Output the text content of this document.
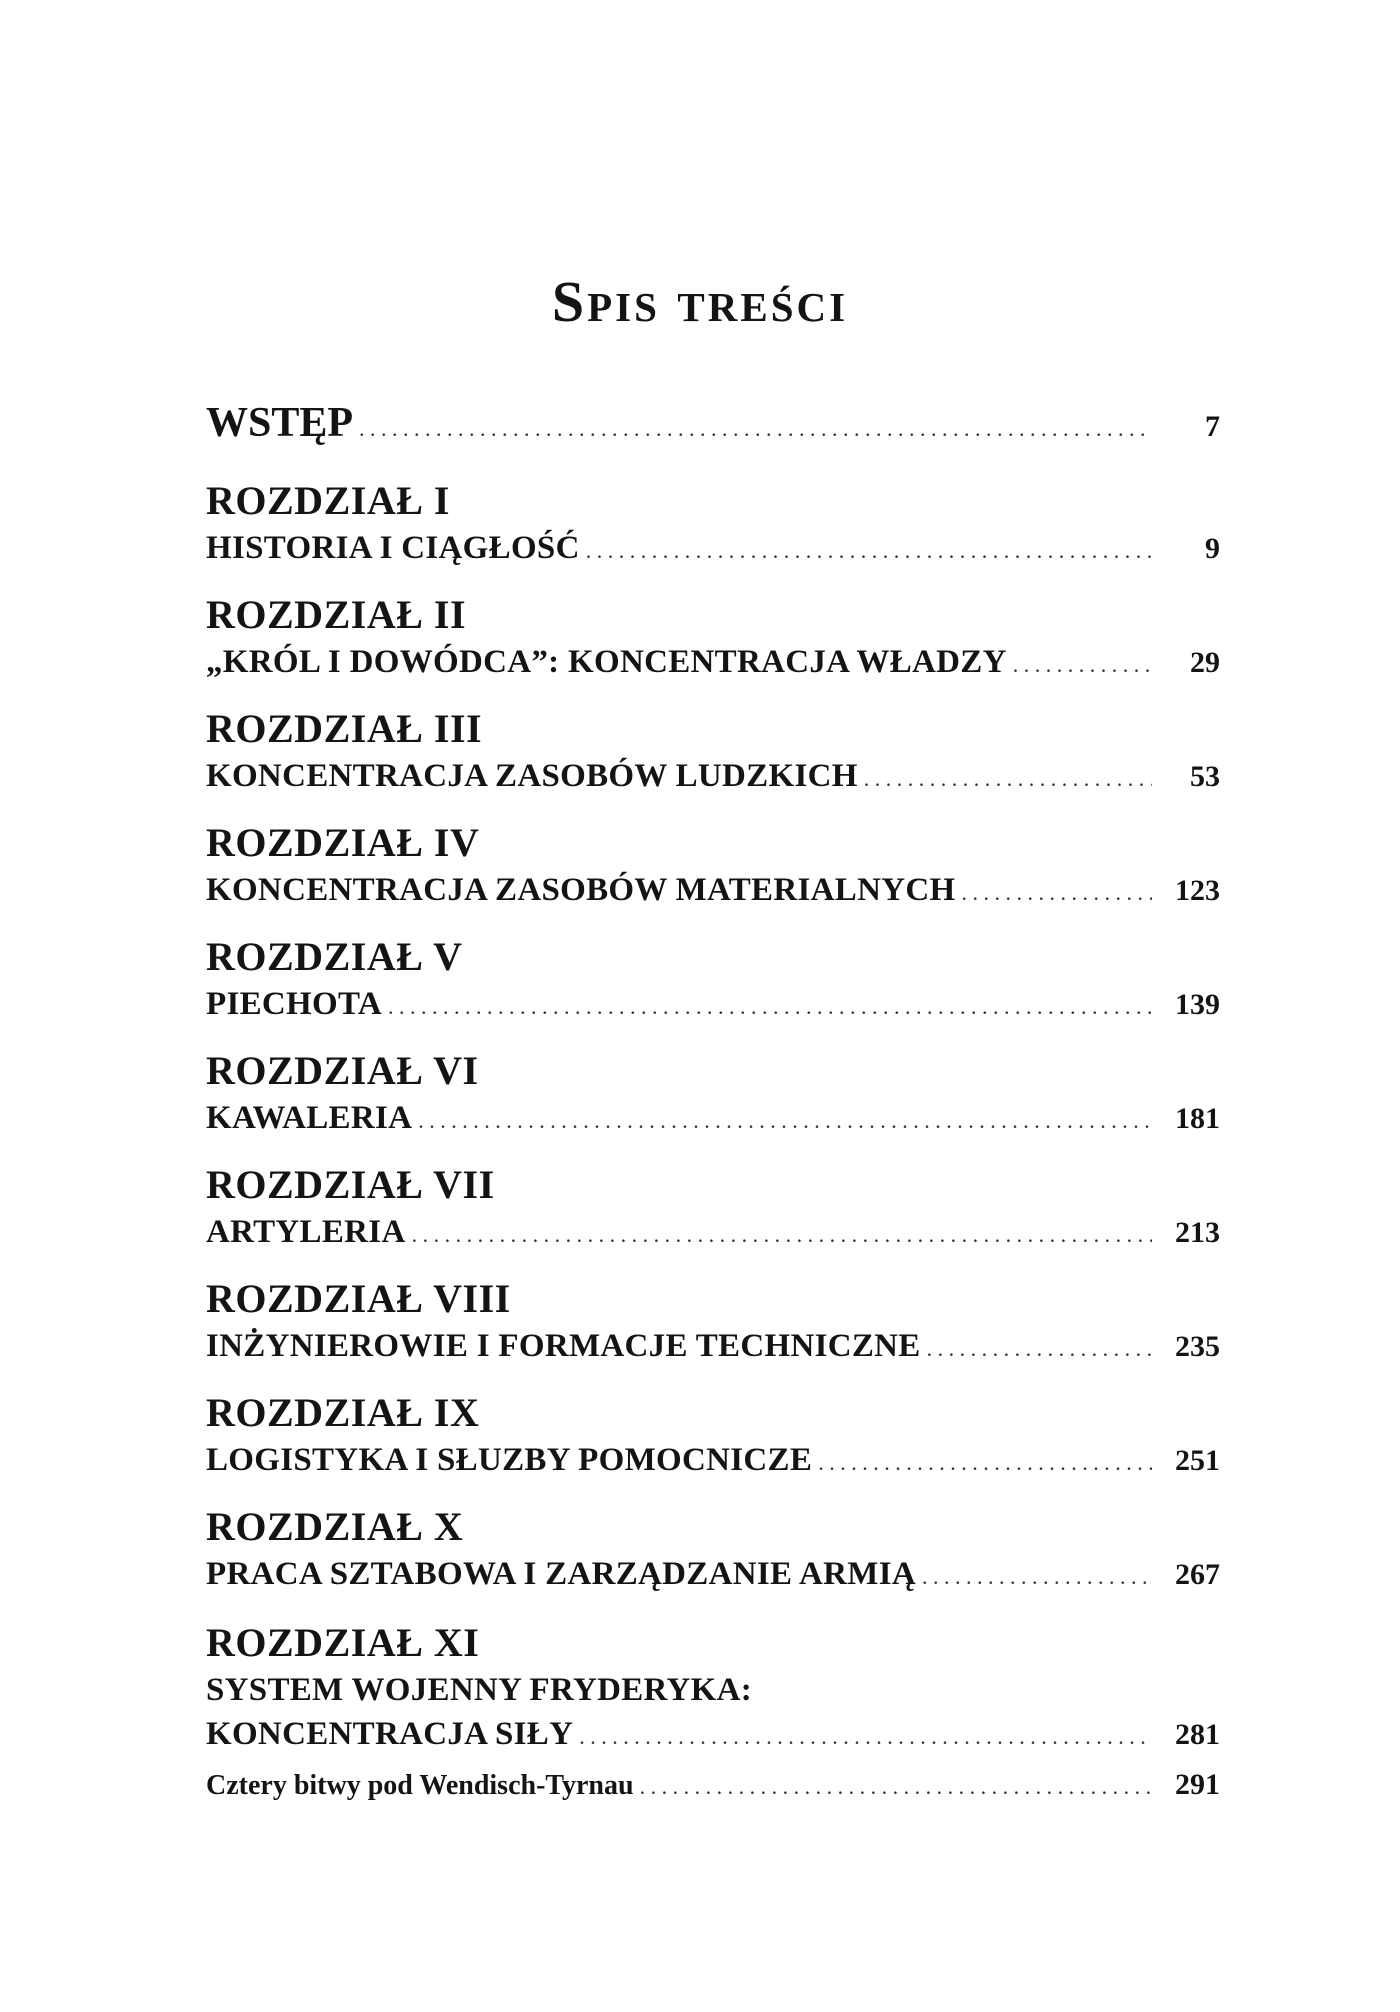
Spis treści
WSTĘP . . .	7
ROZDZIAŁ I
HISTORIA I CIĄGŁOŚĆ . . .	9
ROZDZIAŁ II
„KRÓL I DOWÓDCA”: KONCENTRACJA WŁADZY . . .	29
ROZDZIAŁ III
KONCENTRACJA ZASOBÓW LUDZKICH . . .	53
ROZDZIAŁ IV
KONCENTRACJA ZASOBÓW MATERIALNYCH . . .	123
ROZDZIAŁ V
PIECHOTA . . .	139
ROZDZIAŁ VI
KAWALERIA . . .	181
ROZDZIAŁ VII
ARTYLERIA . . .	213
ROZDZIAŁ VIII
INŻYNIEROWIE I FORMACJE TECHNICZNE . . .	235
ROZDZIAŁ IX
LOGISTYKA I SŁUZBY POMOCNICZE . . .	251
ROZDZIAŁ X
PRACA SZTABOWA I ZARZĄDZANIE ARMIĄ . . .	267
ROZDZIAŁ XI
SYSTEM WOJENNY FRYDERYKA:
KONCENTRACJA SIŁY . . .	281
Cztery bitwy pod Wendisch-Tyrnau . . .	291
